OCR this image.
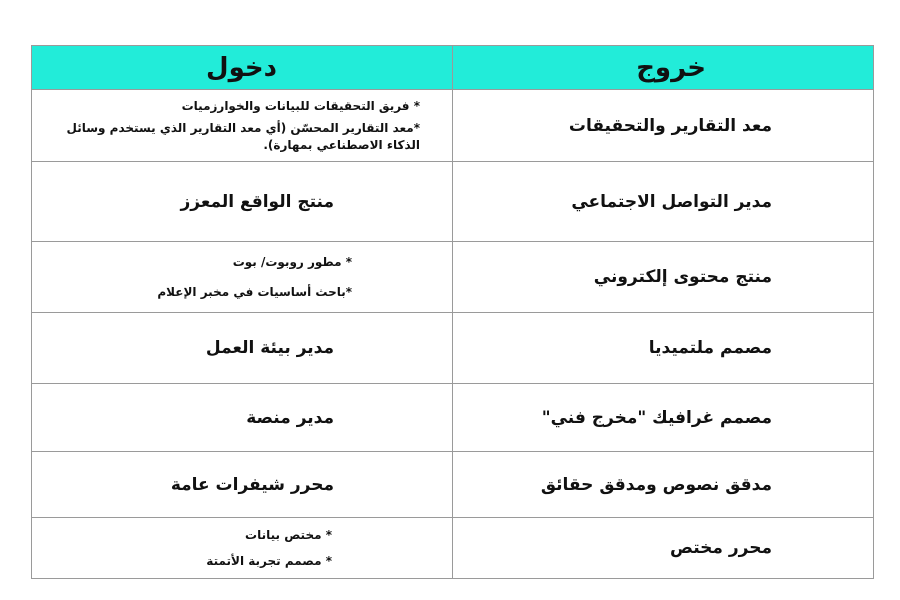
دخول	خروج

* فريق التحقيقات للبيانات والخوارزميات
*معد التقارير المحسّن (أي معد التقارير الذي يستخدم وسائل الذكاء الاصطناعي بمهارة).	معد التقارير والتحقيقات

منتج الواقع المعزز	مدير التواصل الاجتماعي

* مطور روبوت/ بوت
*باحث أساسيات في مخبر الإعلام	منتج محتوى إلكتروني

مدير بيئة العمل	مصمم ملتميديا

مدير منصة	مصمم غرافيك "مخرج فني"

محرر شيفرات عامة	مدقق نصوص ومدقق حقائق

* مختص بيانات
* مصمم تجربة الأتمتة	محرر مختص
